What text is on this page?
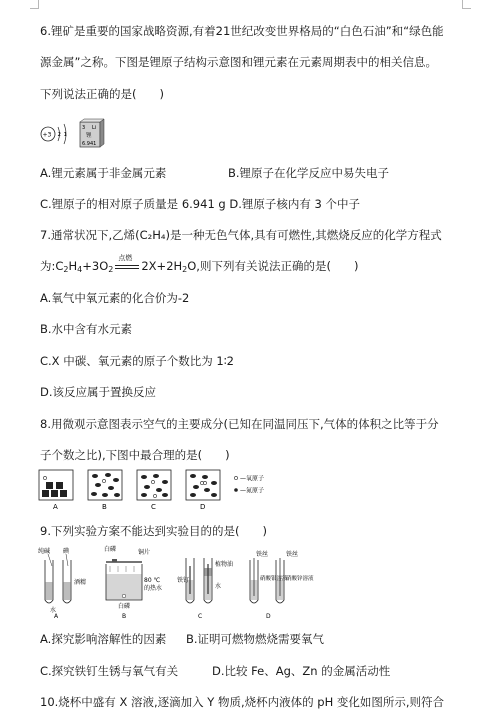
6.锂矿是重要的国家战略资源,有着21世纪改变世界格局的“白色石油”和“绿色能
源金属”之称。下图是锂原子结构示意图和锂元素在元素周期表中的相关信息。
下列说法正确的是(　　)
+3 2 1
3 Li
锂
6.941
A.锂元素属于非金属元素	B.锂原子在化学反应中易失电子
C.锂原子的相对原子质量是 6.941 g D.锂原子核内有 3 个中子
7.通常状况下,乙烯(C₂H₄)是一种无色气体,具有可燃性,其燃烧反应的化学方程式
为$:C_2H_4+3O_2$
点燃
$2X+2H_2O$,则下列有关说法正确的是(　　)
A.氧气中氧元素的化合价为-2
B.水中含有水元素
C.X 中碳、氧元素的原子个数比为 1∶2
D.该反应属于置换反应
8.用微观示意图表示空气的主要成分(已知在同温同压下,气体的体积之比等于分
子个数之比),下图中最合理的是(　　)
A	B	C	D
—氧原子
—氮原子
9.下列实验方案不能达到实验目的的是(　　)
纯碱 碘
酒精
水
A
白磷	铜片
80 ℃
的热水
白磷
B
铁钉
植物油
水
C
铁丝	铁丝
硝酸银溶液
硝酸锌溶液
D
A.探究影响溶解性的因素 B.证明可燃物燃烧需要氧气
C.探究铁钉生锈与氧气有关	D.比较 Fe、Ag、Zn 的金属活动性
10.烧杯中盛有 X 溶液,逐滴加入 Y 物质,烧杯内液体的 pH 变化如图所示,则符合
